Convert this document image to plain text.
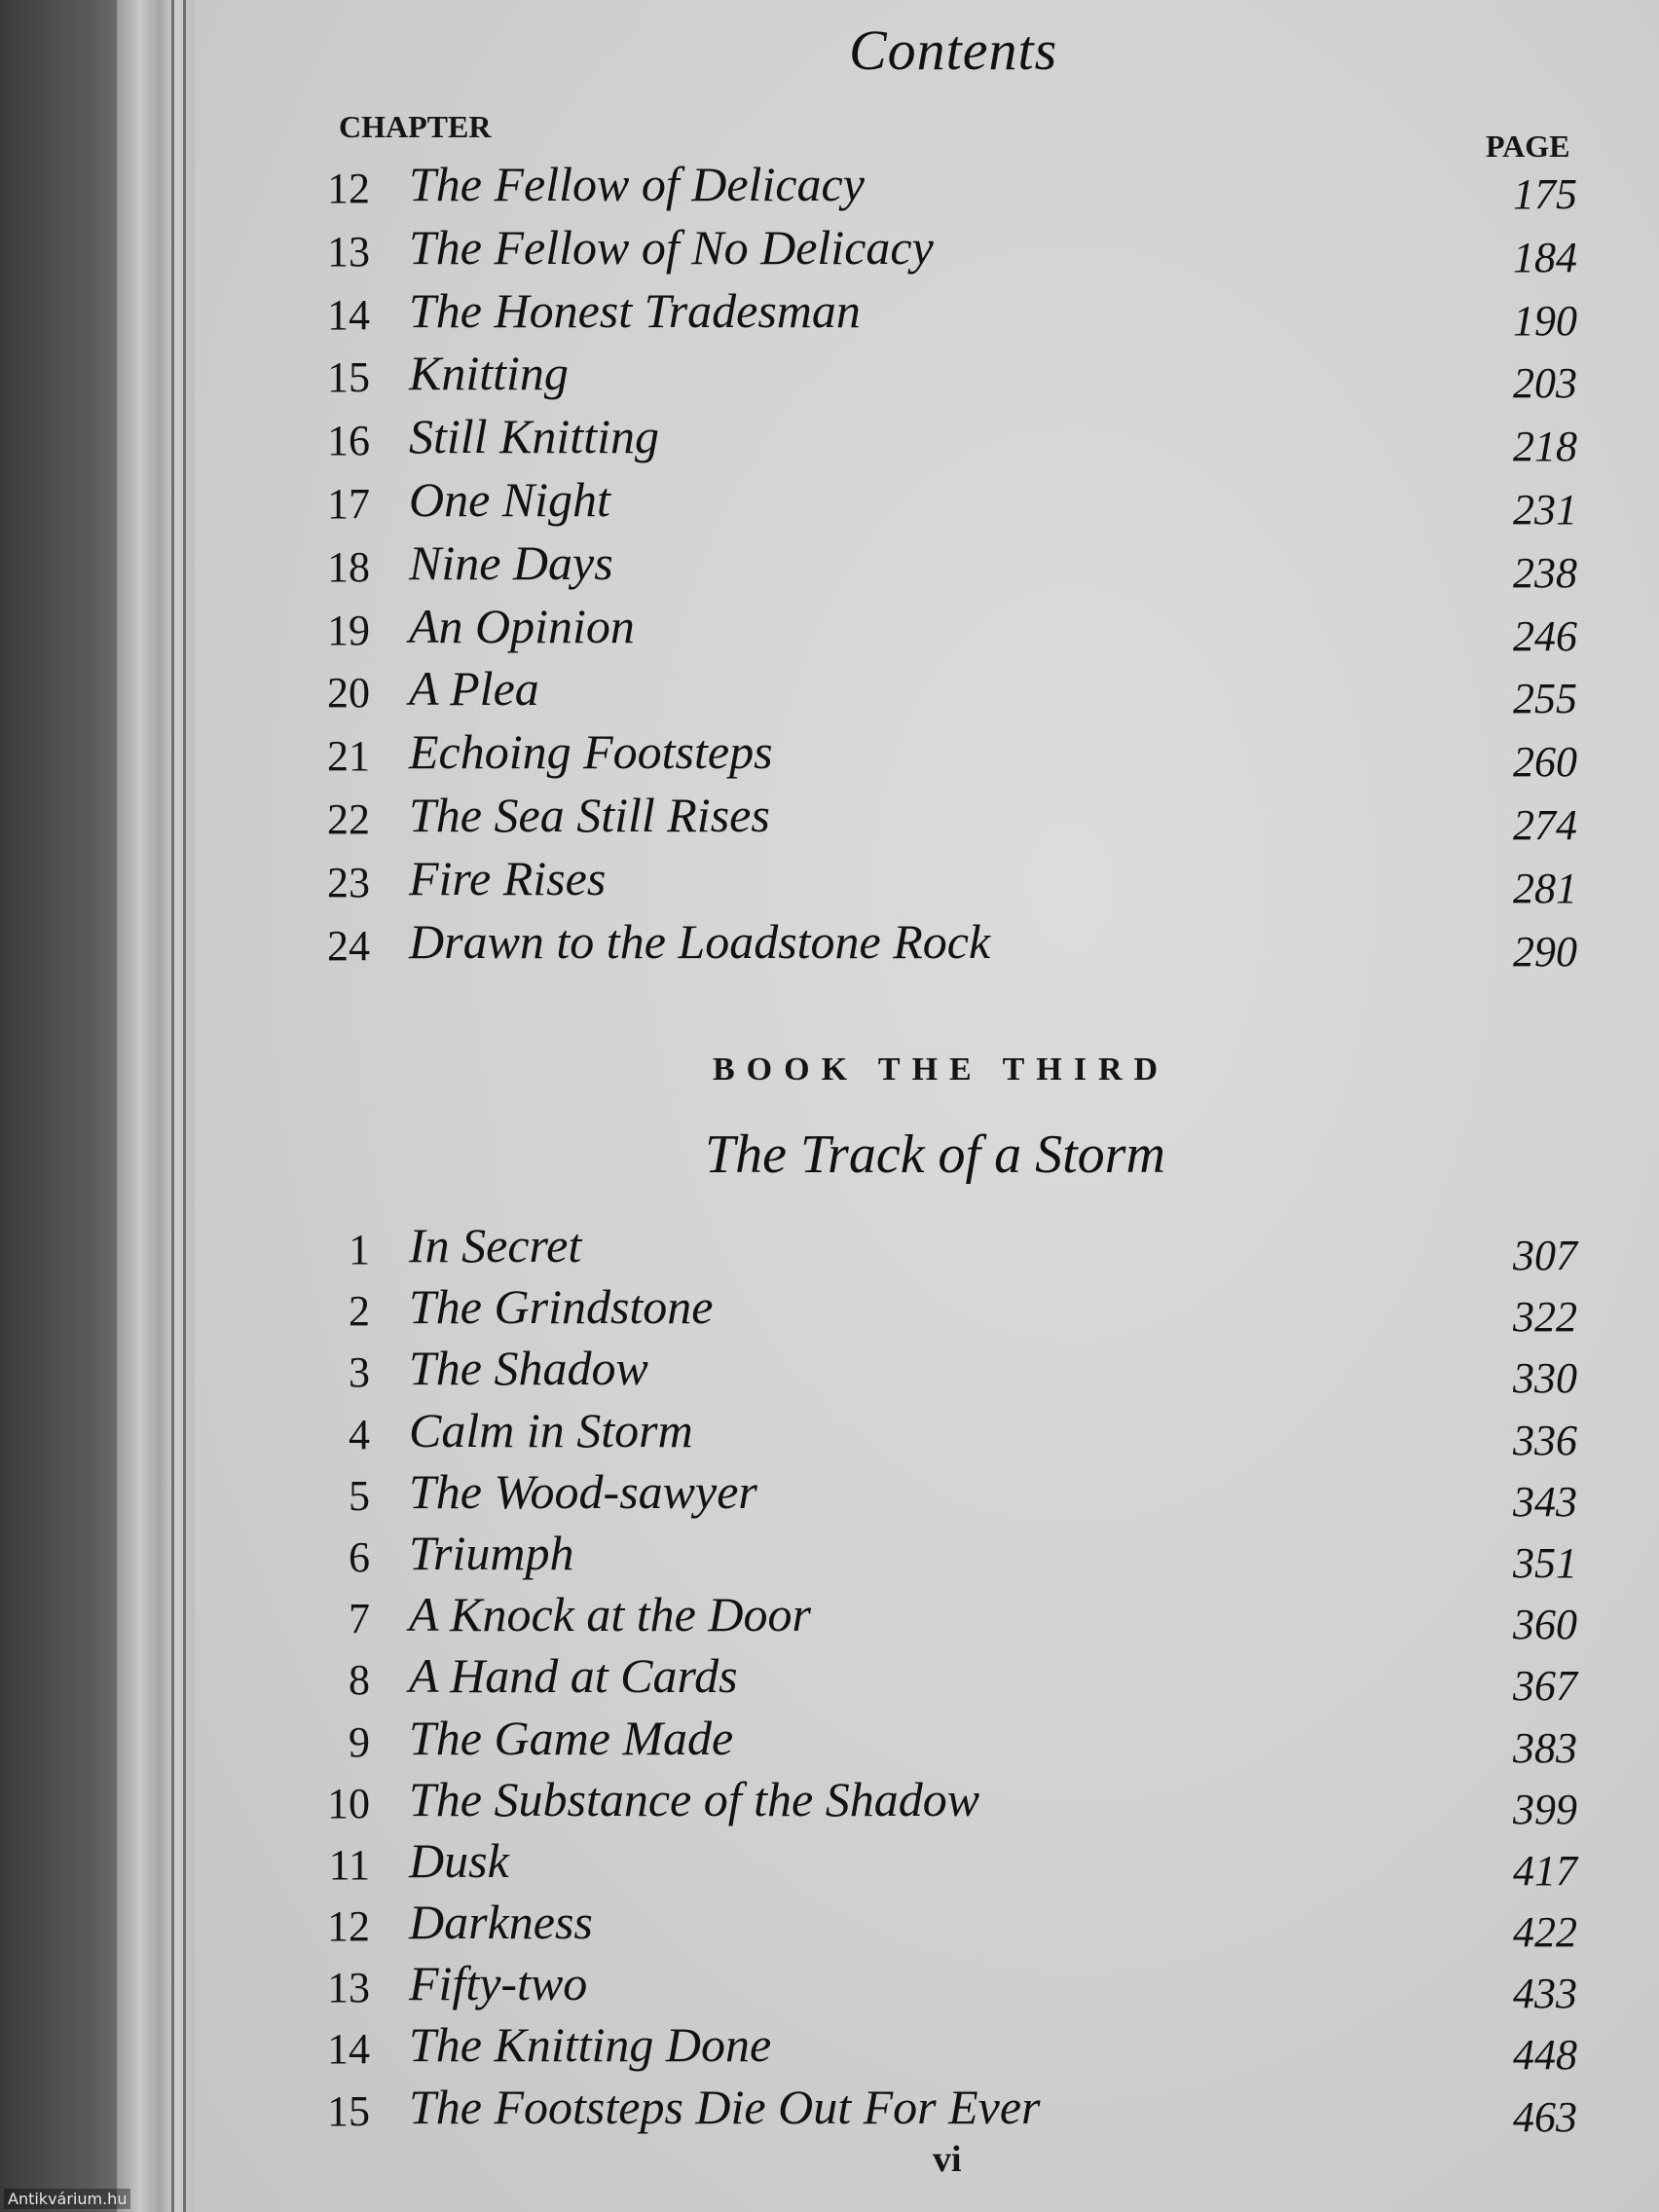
Contents
CHAPTER
PAGE
12 The Fellow of Delicacy	175
13 The Fellow of No Delicacy	184
14 The Honest Tradesman	190
15 Knitting	203
16 Still Knitting	218
17 One Night	231
18 Nine Days	238
19 An Opinion	246
20 A Plea	255
21 Echoing Footsteps	260
22 The Sea Still Rises	274
23 Fire Rises	281
24 Drawn to the Loadstone Rock	290
BOOK THE THIRD
The Track of a Storm
1 In Secret	307
2 The Grindstone	322
3 The Shadow	330
4 Calm in Storm	336
5 The Wood-sawyer	343
6 Triumph	351
7 A Knock at the Door	360
8 A Hand at Cards	367
9 The Game Made	383
10 The Substance of the Shadow	399
11 Dusk	417
12 Darkness	422
13 Fifty-two	433
14 The Knitting Done	448
15 The Footsteps Die Out For Ever	463
vi
Antikvárium.hu
